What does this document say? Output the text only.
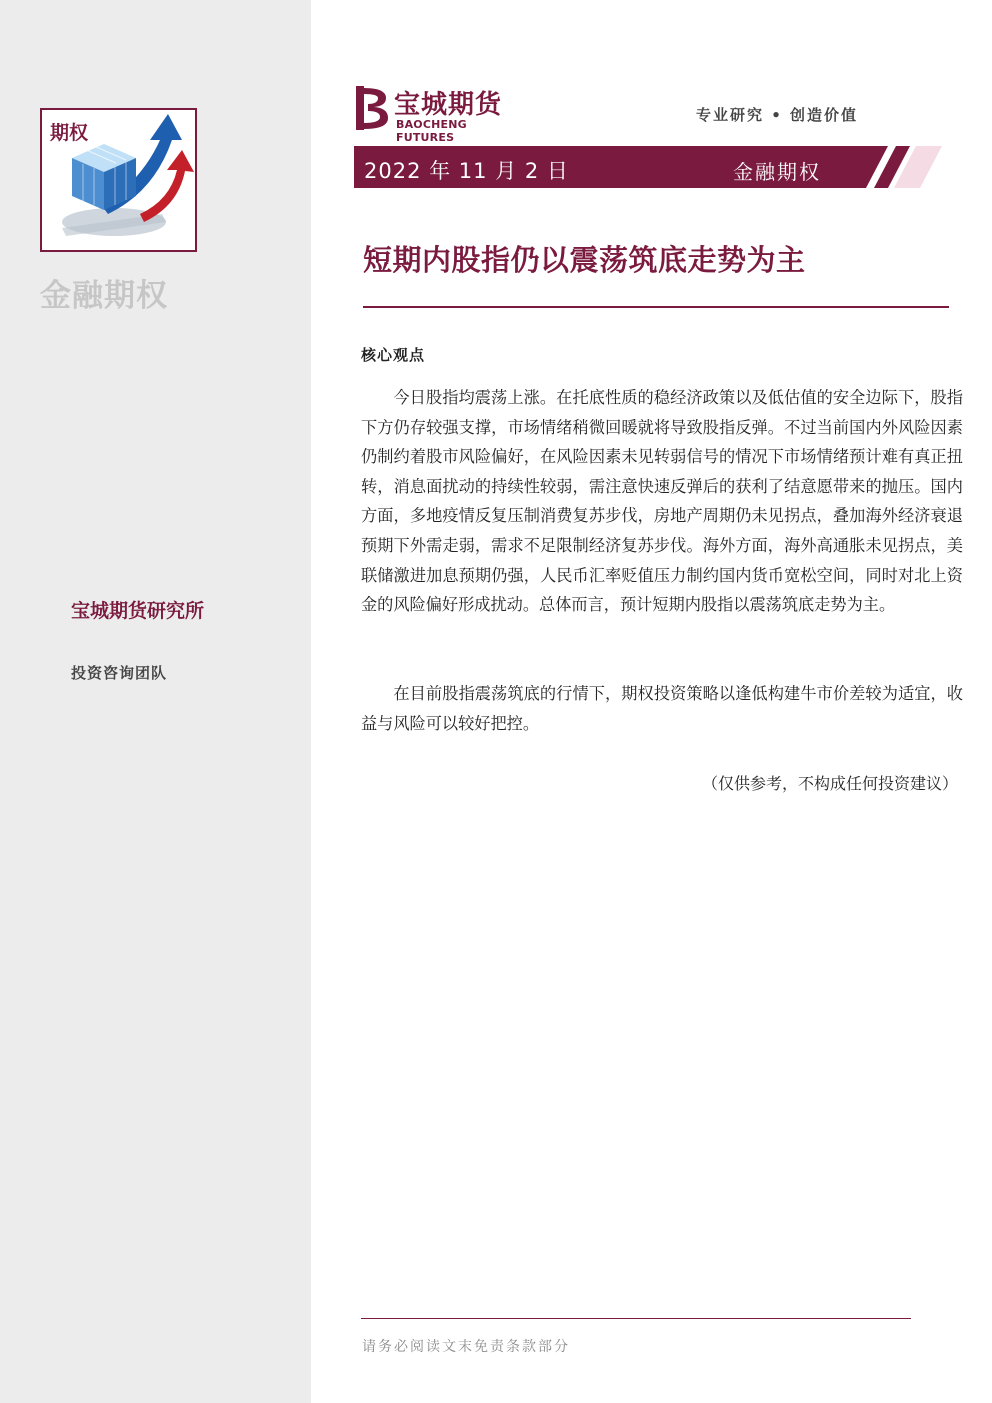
期权
金融期权
宝城期货研究所
投资咨询团队
宝城期货
BAOCHENG FUTURES
专业研究 • 创造价值
2022 年 11 月 2 日	金融期权
短期内股指仍以震荡筑底走势为主
核心观点

今日股指均震荡上涨。在托底性质的稳经济政策以及低估值的安全边际下，股指下方仍存较强支撑，市场情绪稍微回暖就将导致股指反弹。不过当前国内外风险因素仍制约着股市风险偏好，在风险因素未见转弱信号的情况下市场情绪预计难有真正扭转，消息面扰动的持续性较弱，需注意快速反弹后的获利了结意愿带来的抛压。国内方面，多地疫情反复压制消费复苏步伐，房地产周期仍未见拐点，叠加海外经济衰退预期下外需走弱，需求不足限制经济复苏步伐。海外方面，海外高通胀未见拐点，美联储激进加息预期仍强，人民币汇率贬值压力制约国内货币宽松空间，同时对北上资金的风险偏好形成扰动。总体而言，预计短期内股指以震荡筑底走势为主。

在目前股指震荡筑底的行情下，期权投资策略以逢低构建牛市价差较为适宜，收益与风险可以较好把控。

（仅供参考，不构成任何投资建议）
请务必阅读文末免责条款部分
